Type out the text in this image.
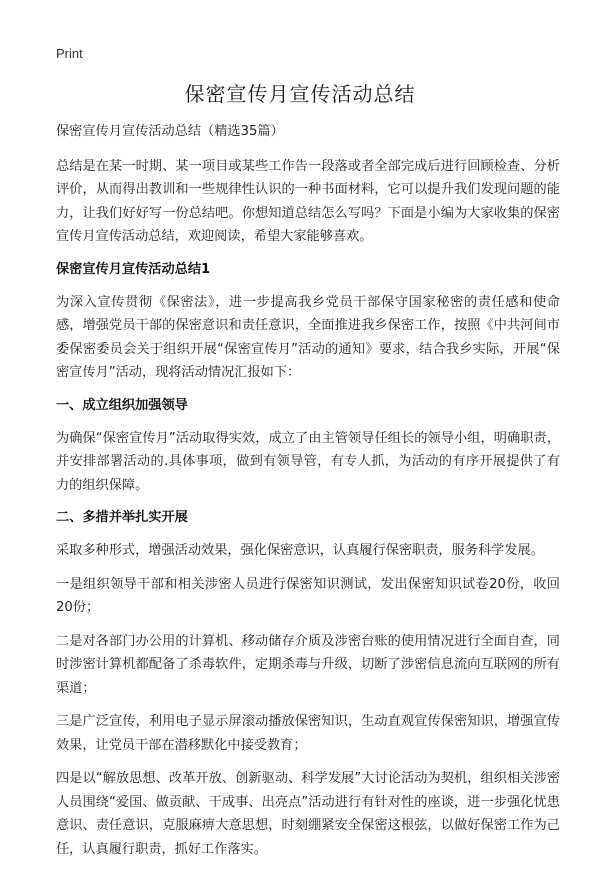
Print
保密宣传月宣传活动总结

保密宣传月宣传活动总结（精选35篇）

总结是在某一时期、某一项目或某些工作告一段落或者全部完成后进行回顾检查、分析评价，从而得出教训和一些规律性认识的一种书面材料，它可以提升我们发现问题的能力，让我们好好写一份总结吧。你想知道总结怎么写吗？下面是小编为大家收集的保密宣传月宣传活动总结，欢迎阅读，希望大家能够喜欢。

保密宣传月宣传活动总结1

为深入宣传贯彻《保密法》，进一步提高我乡党员干部保守国家秘密的责任感和使命感，增强党员干部的保密意识和责任意识，全面推进我乡保密工作，按照《中共河间市委保密委员会关于组织开展“保密宣传月”活动的通知》要求，结合我乡实际，开展“保密宣传月”活动，现将活动情况汇报如下：

一、成立组织加强领导

为确保“保密宣传月”活动取得实效，成立了由主管领导任组长的领导小组，明确职责，并安排部署活动的.具体事项，做到有领导管，有专人抓，为活动的有序开展提供了有力的组织保障。

二、多措并举扎实开展

采取多种形式，增强活动效果，强化保密意识，认真履行保密职责，服务科学发展。

一是组织领导干部和相关涉密人员进行保密知识测试，发出保密知识试卷20份，收回20份；

二是对各部门办公用的计算机、移动储存介质及涉密台账的使用情况进行全面自查，同时涉密计算机都配备了杀毒软件，定期杀毒与升级，切断了涉密信息流向互联网的所有渠道；

三是广泛宣传，利用电子显示屏滚动播放保密知识，生动直观宣传保密知识，增强宣传效果，让党员干部在潜移默化中接受教育；

四是以“解放思想、改革开放、创新驱动、科学发展”大讨论活动为契机，组织相关涉密人员围绕“爱国、做贡献、干成事、出亮点”活动进行有针对性的座谈，进一步强化忧患意识、责任意识，克服麻痹大意思想，时刻绷紧安全保密这根弦，以做好保密工作为己任，认真履行职责，抓好工作落实。
